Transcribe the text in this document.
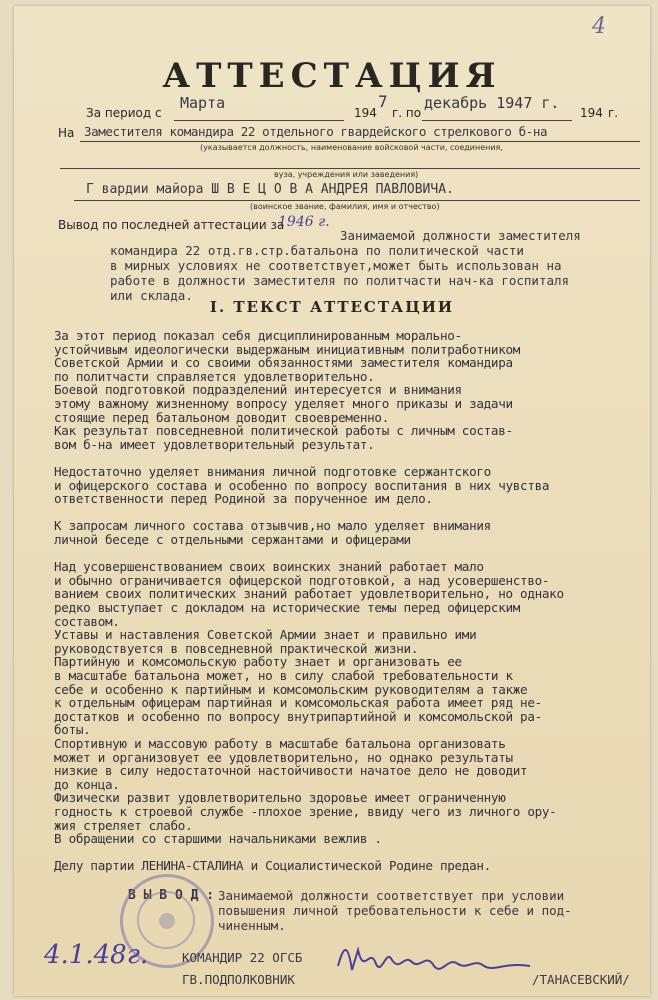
4
АТТЕСТАЦИЯ
За период с
Марта
194
7
г. по
декабрь 1947 г.
194 г.
На Заместителя командира 22 отдельного гвардейского стрелкового б-на
(указывается должность, наименование войсковой части, соединения,
вуза, учреждения или заведения)
Г вардии майора Ш В Е Ц О В А АНДРЕЯ ПАВЛОВИЧА.
(воинское звание, фамилия, имя и отчество)
Вывод по последней аттестации за
1946 г.
Занимаемой должности заместителя
командира 22 отд.гв.стр.батальона по политической части
в мирных условиях не соответствует,может быть использован на
работе в должности заместителя по политчасти нач-ка госпиталя
или склада.
I. ТЕКСТ АТТЕСТАЦИИ
За этот период показал себя дисциплинированным морально-
устойчивым идеологически выдержаным инициативным политработником
Советской Армии и со своими обязанностями заместителя командира
по политчасти справляется удовлетворительно.
Боевой подготовкой подразделений интересуется и внимания
этому важному жизненному вопросу уделяет много приказы и задачи
стоящие перед батальоном доводит своевременно.
Как результат повседневной политической работы с личным состав-
вом б-на имеет удовлетворительный результат.
Недостаточно уделяет внимания личной подготовке сержантского
и офицерского состава и особенно по вопросу воспитания в них чувства
ответственности перед Родиной за порученное им дело.
К запросам личного состава отзывчив,но мало уделяет внимания
личной беседе с отдельными сержантами и офицерами
Над усовершенствованием своих воинских знаний работает мало
и обычно ограничивается офицерской подготовкой, а над усовершенство-
ванием своих политических знаний работает удовлетворительно, но однако
редко выступает с докладом на исторические темы перед офицерским
составом.
Уставы и наставления Советской Армии знает и правильно ими
руководствуется в повседневной практической жизни.
Партийную и комсомольскую работу знает и организовать ее
в масштабе батальона может, но в силу слабой требовательности к
себе и особенно к партийным и комсомольским руководителям а также
к отдельным офицерам партийная и комсомольская работа имеет ряд не-
достатков и особенно по вопросу внутрипартийной и комсомольской ра-
боты.
Спортивную и массовую работу в масштабе батальона организовать
может и организовует ее удовлетворительно, но однако результаты
низкие в силу недостаточной настойчивости начатое дело не доводит
до конца.
Физически развит удовлетворительно здоровье имеет ограниченную
годность к строевой службе -плохое зрение, ввиду чего из личного ору-
жия стреляет слабо.
В обращении со старшими начальниками вежлив .
Делу партии ЛЕНИНА-СТАЛИНА и Социалистической Родине предан.
В Ы В О Д : Занимаемой должности соответствует при условии
повышения личной требовательности к себе и под-
чиненным.
4.1.48г.	КОМАНДИР 22 ОГСБ
ГВ.ПОДПОЛКОВНИК	/ТАНАСЕВСКИЙ/
